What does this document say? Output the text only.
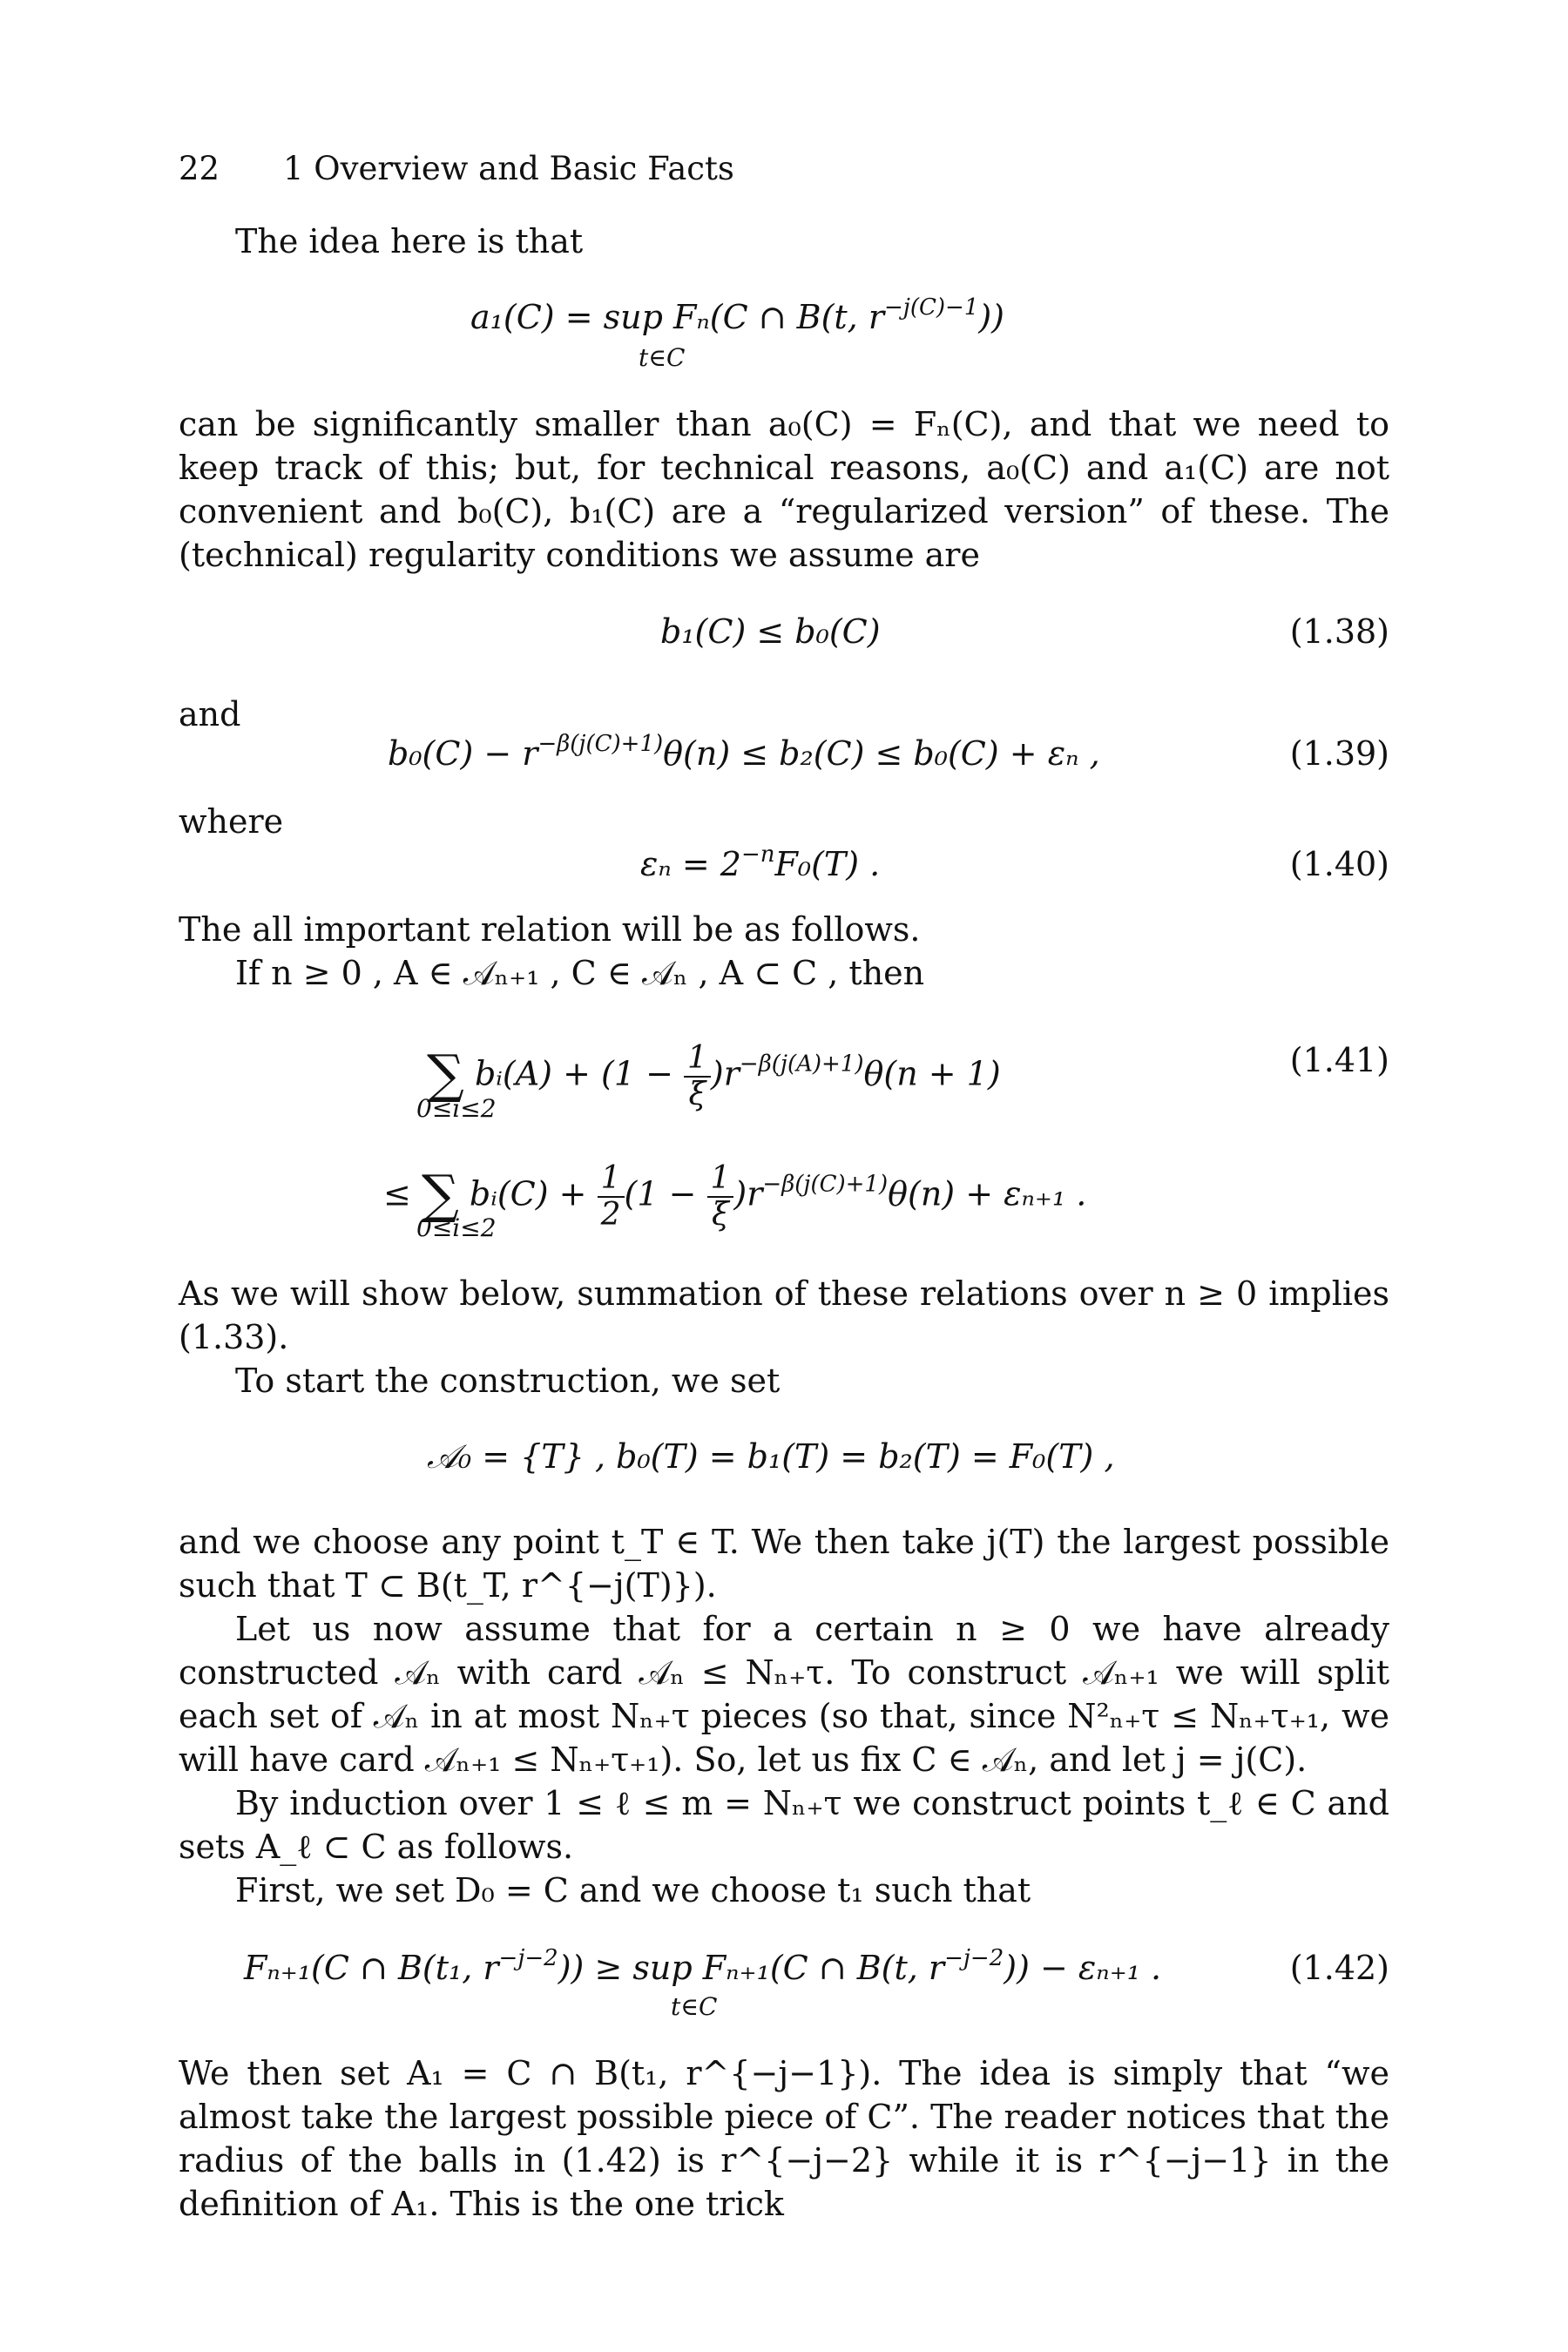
22 1 Overview and Basic Facts
The idea here is that
a₁(C) = sup Fₙ(C ∩ B(t, $r^{-j(C)-1}$))
t∈C
can be significantly smaller than a₀(C) = Fₙ(C), and that we need to keep track of this; but, for technical reasons, a₀(C) and a₁(C) are not convenient and b₀(C), b₁(C) are a “regularized version” of these. The (technical) regularity conditions we assume are
b₁(C) ≤ b₀(C)	(1.38)
and
$b_0(C) - r^{-\beta(j(C)+1)}\theta(n) \le b_2(C) \le b_0(C) + \varepsilon_n$ ,	(1.39)
where
$\varepsilon_n = 2^{-n}F_0(T)$ .	(1.40)
The all important relation will be as follows.
If n ≥ 0 , A ∈ 𝒜ₙ₊₁ , C ∈ 𝒜ₙ , A ⊂ C , then
∑ bᵢ(A) + $(1 - \frac{1}{\xi} )r^{-\beta(j(A)+1)}\theta(n + 1)$
0≤i≤2
(1.41)
≤ ∑ bᵢ(C) + $\frac{1}{2} (1 - \frac{1}{\xi} )r^{-\beta(j(C)+1)}\theta(n) + \varepsilon_{n+1}$ .
0≤i≤2
As we will show below, summation of these relations over n ≥ 0 implies (1.33).
To start the construction, we set
𝒜₀ = {T} , b₀(T) = b₁(T) = b₂(T) = F₀(T) ,
and we choose any point t_T ∈ T. We then take j(T) the largest possible such that T ⊂ B(t_T, r^{−j(T)}).
Let us now assume that for a certain n ≥ 0 we have already constructed 𝒜ₙ with card 𝒜ₙ ≤ Nₙ₊τ. To construct 𝒜ₙ₊₁ we will split each set of 𝒜ₙ in at most Nₙ₊τ pieces (so that, since N²ₙ₊τ ≤ Nₙ₊τ₊₁, we will have card 𝒜ₙ₊₁ ≤ Nₙ₊τ₊₁). So, let us fix C ∈ 𝒜ₙ, and let j = j(C).
By induction over 1 ≤ ℓ ≤ m = Nₙ₊τ we construct points t_ℓ ∈ C and sets A_ℓ ⊂ C as follows.
First, we set D₀ = C and we choose t₁ such that
Fₙ₊₁(C ∩ B(t₁, $r^{-j-2}$)) ≥ sup Fₙ₊₁(C ∩ B(t, $r^{-j-2})) - \varepsilon_{n+1}$ .
t∈C
(1.42)
We then set A₁ = C ∩ B(t₁, r^{−j−1}). The idea is simply that “we almost take the largest possible piece of C”. The reader notices that the radius of the balls in (1.42) is r^{−j−2} while it is r^{−j−1} in the definition of A₁. This is the one trick
